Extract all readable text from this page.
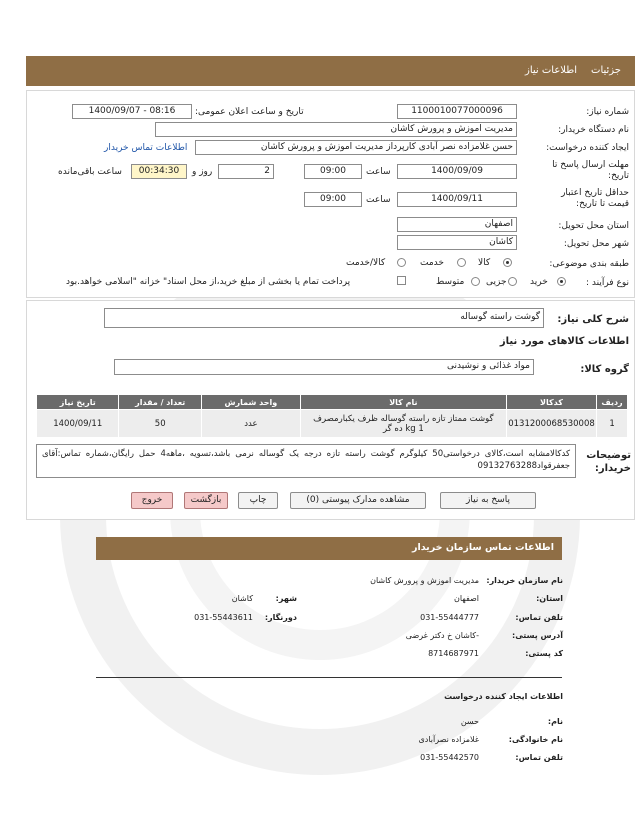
جزئیات
اطلاعات نیاز
شماره نیاز:
1100010077000096
تاریخ و ساعت اعلان عمومی:
1400/09/07 - 08:16
نام دستگاه خریدار:
مدیریت اموزش و پرورش کاشان
ایجاد کننده درخواست:
حسن غلامزاده نصر آبادی کارپرداز مدیریت اموزش و پرورش کاشان
اطلاعات تماس خریدار
مهلت ارسال پاسخ تا تاریخ:
1400/09/09
ساعت
09:00
2
روز و
00:34:30
ساعت باقی‌مانده
حداقل تاریخ اعتبار قیمت تا تاریخ:
1400/09/11
ساعت
09:00
استان محل تحویل:
اصفهان
شهر محل تحویل:
کاشان
طبقه بندی موضوعی:
کالا
خدمت
کالا/خدمت
نوع فرآیند :
خرید
جزیی
متوسط
پرداخت تمام یا بخشی از مبلغ خرید،از محل اسناد" خزانه "اسلامی خواهد.بود
شرح کلی نیاز:
گوشت راسته گوساله
اطلاعات کالاهای مورد نیاز
گروه کالا:
مواد غذائی و نوشیدنی
ردیف	کدکالا	نام کالا	واحد شمارش	تعداد / مقدار	تاریخ نیاز
1	0131200068530008	گوشت ممتاز تازه راسته گوساله ظرف یکبارمصرف 1 kg ده گر	عدد	50	1400/09/11
توضیحات خریدار:
کدکالامشابه است،کالای درخواستی50 کیلوگرم گوشت راسته تازه درجه یک گوساله نرمی باشد،تسویه ،ماهه4 حمل رایگان،شماره تماس:آقای جعفرقواد09132763288
پاسخ به نیاز
مشاهده مدارک پیوستی (0)
چاپ
بازگشت
خروج
اطلاعات تماس سازمان خریدار
نام سازمان خریدار:
مدیریت اموزش و پرورش کاشان
استان:
اصفهان
شهر:
کاشان
تلفن تماس:
031-55444777
دورنگار:
031-55443611
آدرس پستی:
-کاشان خ دکتر غرضی
کد پستی:
8714687971
اطلاعات ایجاد کننده درخواست
نام:
حسن
نام خانوادگی:
غلامزاده نصرآبادی
تلفن تماس:
031-55442570
